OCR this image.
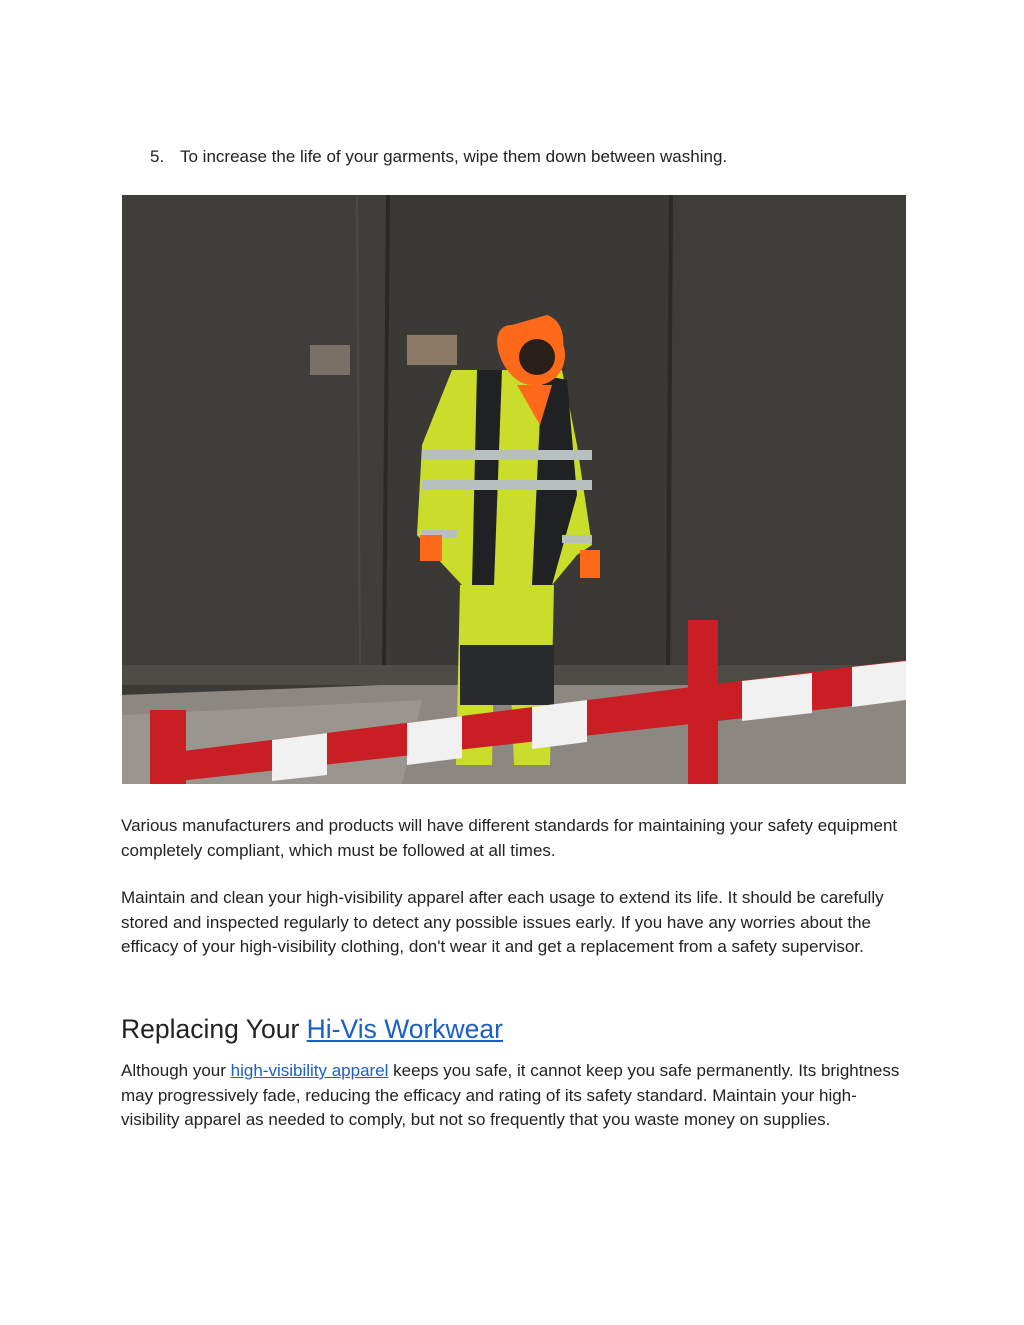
5. To increase the life of your garments, wipe them down between washing.

Various manufacturers and products will have different standards for maintaining your safety equipment completely compliant, which must be followed at all times.

Maintain and clean your high-visibility apparel after each usage to extend its life. It should be carefully stored and inspected regularly to detect any possible issues early. If you have any worries about the efficacy of your high-visibility clothing, don't wear it and get a replacement from a safety supervisor.

Replacing Your Hi-Vis Workwear

Although your high-visibility apparel keeps you safe, it cannot keep you safe permanently. Its brightness may progressively fade, reducing the efficacy and rating of its safety standard. Maintain your high-visibility apparel as needed to comply, but not so frequently that you waste money on supplies.
